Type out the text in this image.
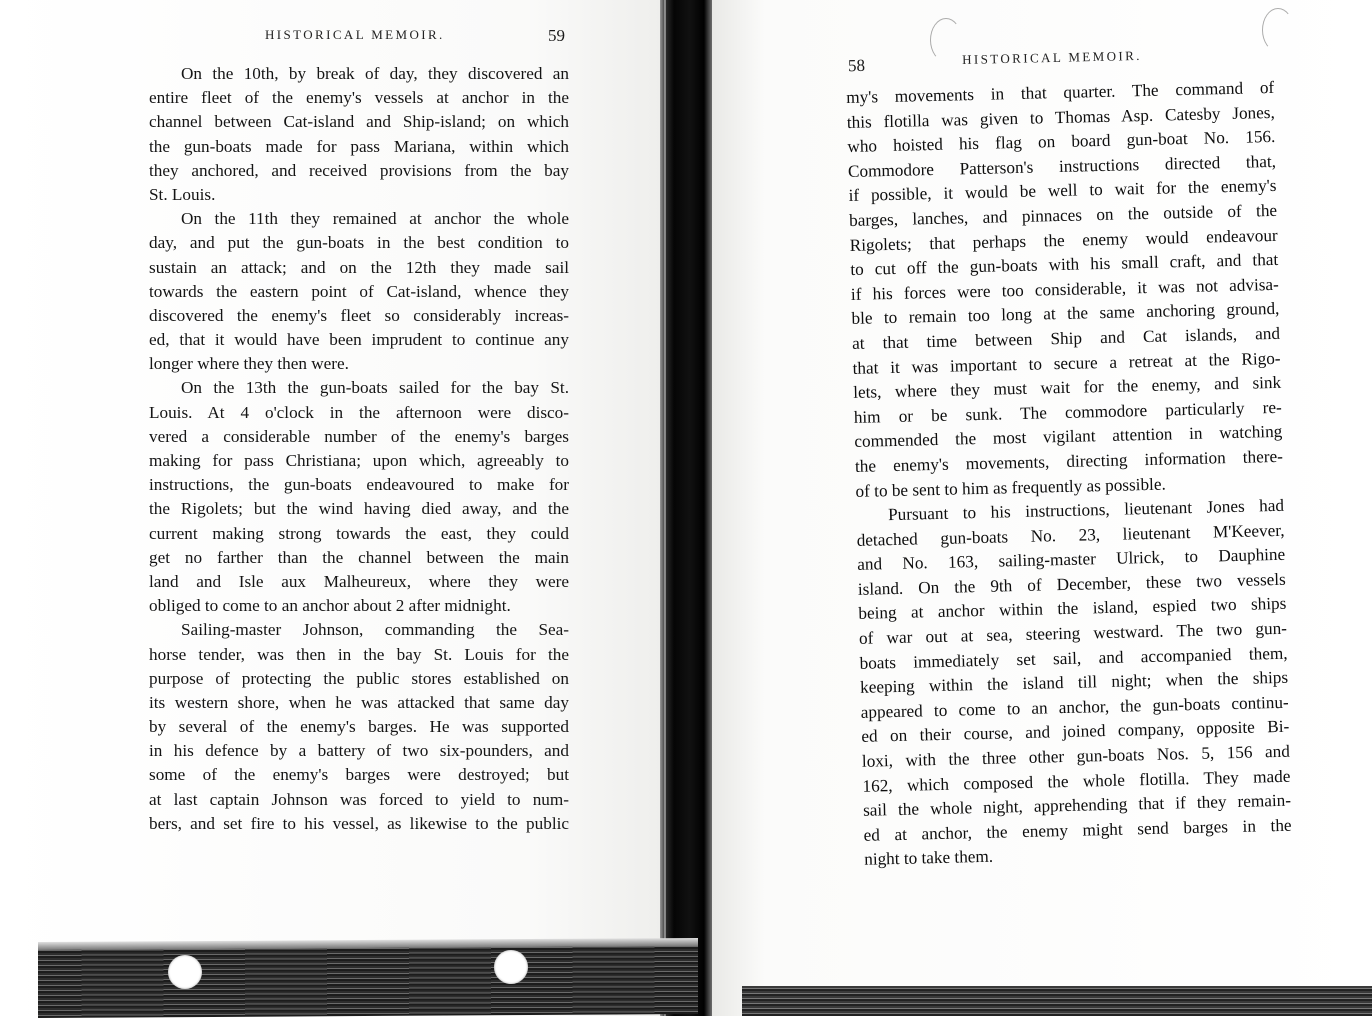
HISTORICAL MEMOIR.	59
On the 10th, by break of day, they discovered an
entire fleet of the enemy's vessels at anchor in the
channel between Cat-island and Ship-island; on which
the gun-boats made for pass Mariana, within which
they anchored, and received provisions from the bay
St. Louis.
On the 11th they remained at anchor the whole
day, and put the gun-boats in the best condition to
sustain an attack; and on the 12th they made sail
towards the eastern point of Cat-island, whence they
discovered the enemy's fleet so considerably increas-
ed, that it would have been imprudent to continue any
longer where they then were.
On the 13th the gun-boats sailed for the bay St.
Louis. At 4 o'clock in the afternoon were disco-
vered a considerable number of the enemy's barges
making for pass Christiana; upon which, agreeably to
instructions, the gun-boats endeavoured to make for
the Rigolets; but the wind having died away, and the
current making strong towards the east, they could
get no farther than the channel between the main
land and Isle aux Malheureux, where they were
obliged to come to an anchor about 2 after midnight.
Sailing-master Johnson, commanding the Sea-
horse tender, was then in the bay St. Louis for the
purpose of protecting the public stores established on
its western shore, when he was attacked that same day
by several of the enemy's barges. He was supported
in his defence by a battery of two six-pounders, and
some of the enemy's barges were destroyed; but
at last captain Johnson was forced to yield to num-
bers, and set fire to his vessel, as likewise to the public
58	HISTORICAL MEMOIR.
my's movements in that quarter. The command of
this flotilla was given to Thomas Asp. Catesby Jones,
who hoisted his flag on board gun-boat No. 156.
Commodore Patterson's instructions directed that,
if possible, it would be well to wait for the enemy's
barges, lanches, and pinnaces on the outside of the
Rigolets; that perhaps the enemy would endeavour
to cut off the gun-boats with his small craft, and that
if his forces were too considerable, it was not advisa-
ble to remain too long at the same anchoring ground,
at that time between Ship and Cat islands, and
that it was important to secure a retreat at the Rigo-
lets, where they must wait for the enemy, and sink
him or be sunk. The commodore particularly re-
commended the most vigilant attention in watching
the enemy's movements, directing information there-
of to be sent to him as frequently as possible.
Pursuant to his instructions, lieutenant Jones had
detached gun-boats No. 23, lieutenant M'Keever,
and No. 163, sailing-master Ulrick, to Dauphine
island. On the 9th of December, these two vessels
being at anchor within the island, espied two ships
of war out at sea, steering westward. The two gun-
boats immediately set sail, and accompanied them,
keeping within the island till night; when the ships
appeared to come to an anchor, the gun-boats continu-
ed on their course, and joined company, opposite Bi-
loxi, with the three other gun-boats Nos. 5, 156 and
162, which composed the whole flotilla. They made
sail the whole night, apprehending that if they remain-
ed at anchor, the enemy might send barges in the
night to take them.
